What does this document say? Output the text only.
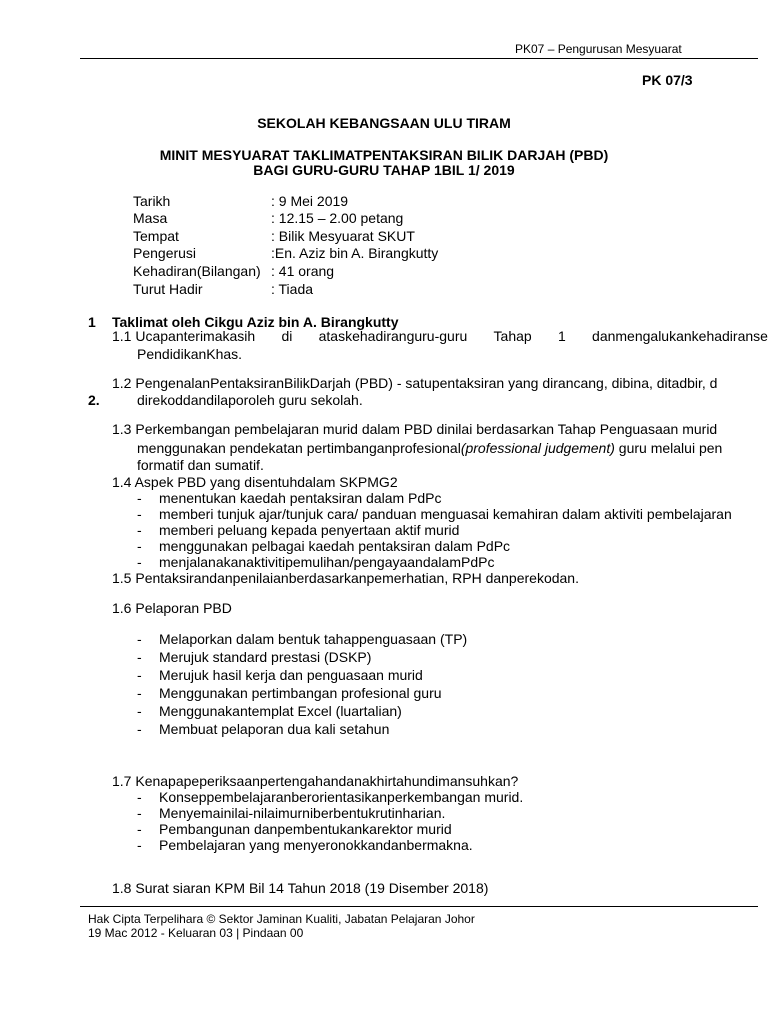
PK07 – Pengurusan Mesyuarat
PK 07/3
SEKOLAH KEBANGSAAN ULU TIRAM
MINIT MESYUARAT TAKLIMATPENTAKSIRAN BILIK DARJAH (PBD)
BAGI GURU-GURU TAHAP 1BIL 1/ 2019
Tarikh	: 9 Mei 2019
Masa	: 12.15 – 2.00 petang
Tempat	: Bilik Mesyuarat SKUT
Pengerusi	:En. Aziz bin A. Birangkutty
Kehadiran(Bilangan) : 41 orang
Turut Hadir	: Tiada
1 Taklimat oleh Cikgu Aziz bin A. Birangkutty
1.1 Ucapanterimakasih di ataskehadiranguru-guru Tahap 1 danmengalukankehadiranse
PendidikanKhas.
1.2 PengenalanPentaksiranBilikDarjah (PBD) - satupentaksiran yang dirancang, dibina, ditadbir, d
2.	direkoddandilaporoleh guru sekolah.
1.3 Perkembangan pembelajaran murid dalam PBD dinilai berdasarkan Tahap Penguasaan murid
menggunakan pendekatan pertimbanganprofesional(professional judgement) guru melalui pen
formatif dan sumatif.
1.4 Aspek PBD yang disentuhdalam SKPMG2
- menentukan kaedah pentaksiran dalam PdPc
- memberi tunjuk ajar/tunjuk cara/ panduan menguasai kemahiran dalam aktiviti pembelajaran
- memberi peluang kepada penyertaan aktif murid
- menggunakan pelbagai kaedah pentaksiran dalam PdPc
- menjalanakanaktivitipemulihan/pengayaandalamPdPc
1.5 Pentaksirandanpenilaianberdasarkanpemerhatian, RPH danperekodan.
1.6 Pelaporan PBD
- Melaporkan dalam bentuk tahappenguasaan (TP)
- Merujuk standard prestasi (DSKP)
- Merujuk hasil kerja dan penguasaan murid
- Menggunakan pertimbangan profesional guru
- Menggunakantemplat Excel (luartalian)
- Membuat pelaporan dua kali setahun
1.7 Kenapapeperiksaanpertengahandanakhirtahundimansuhkan?
- Konseppembelajaranberorientasikanperkembangan murid.
- Menyemainilai-nilaimurniberbentukrutinharian.
- Pembangunan danpembentukankarektor murid
- Pembelajaran yang menyeronokkandanbermakna.
1.8 Surat siaran KPM Bil 14 Tahun 2018 (19 Disember 2018)
Hak Cipta Terpelihara © Sektor Jaminan Kualiti, Jabatan Pelajaran Johor
19 Mac 2012 - Keluaran 03 | Pindaan 00
